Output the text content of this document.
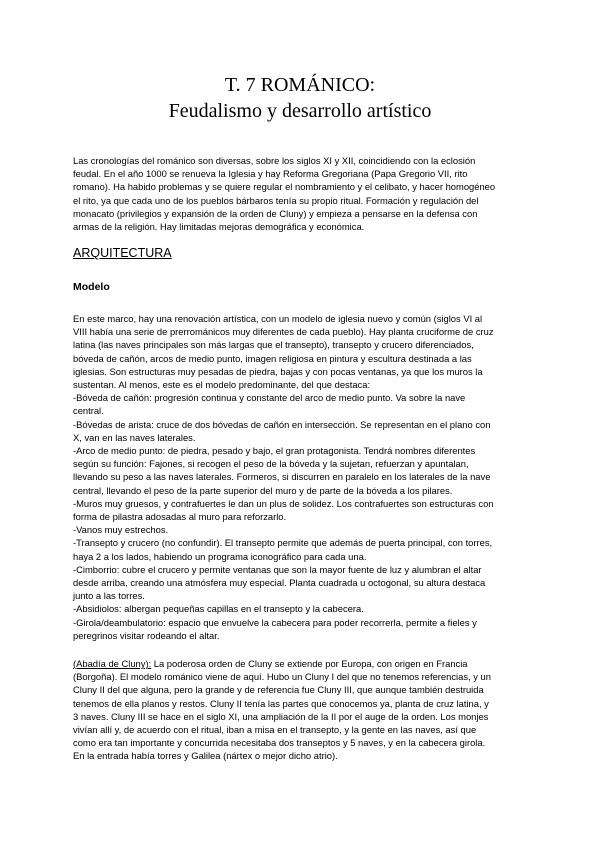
T. 7 ROMÁNICO:
Feudalismo y desarrollo artístico
Las cronologías del románico son diversas, sobre los siglos XI y XII, coincidiendo con la eclosión
feudal. En el año 1000 se renueva la Iglesia y hay Reforma Gregoriana (Papa Gregorio VII, rito
romano). Ha habido problemas y se quiere regular el nombramiento y el celibato, y hacer homogéneo
el rito, ya que cada uno de los pueblos bárbaros tenía su propio ritual. Formación y regulación del
monacato (privilegios y expansión de la orden de Cluny) y empieza a pensarse en la defensa con
armas de la religión. Hay limitadas mejoras demográfica y económica.
ARQUITECTURA
Modelo
En este marco, hay una renovación artística, con un modelo de iglesia nuevo y común (siglos VI al
VIII había una serie de prerrománicos muy diferentes de cada pueblo). Hay planta cruciforme de cruz
latina (las naves principales son más largas que el transepto), transepto y crucero diferenciados,
bóveda de cañón, arcos de medio punto, imagen religiosa en pintura y escultura destinada a las
iglesias. Son estructuras muy pesadas de piedra, bajas y con pocas ventanas, ya que los muros la
sustentan. Al menos, este es el modelo predominante, del que destaca:
-Bóveda de cañón: progresión continua y constante del arco de medio punto. Va sobre la nave
central.
-Bóvedas de arista: cruce de dos bóvedas de cañón en intersección. Se representan en el plano con
X, van en las naves laterales.
-Arco de medio punto: de piedra, pesado y bajo, el gran protagonista. Tendrá nombres diferentes
según su función: Fajones, si recogen el peso de la bóveda y la sujetan, refuerzan y apuntalan,
llevando su peso a las naves laterales. Formeros, si discurren en paralelo en los laterales de la nave
central, llevando el peso de la parte superior del muro y de parte de la bóveda a los pilares.
-Muros muy gruesos, y contrafuertes le dan un plus de solidez. Los contrafuertes son estructuras con
forma de pilastra adosadas al muro para reforzarlo.
-Vanos muy estrechos.
-Transepto y crucero (no confundir). El transepto permite que además de puerta principal, con torres,
haya 2 a los lados, habiendo un programa iconográfico para cada una.
-Cimborrio: cubre el crucero y permite ventanas que son la mayor fuente de luz y alumbran el altar
desde arriba, creando una atmósfera muy especial. Planta cuadrada u octogonal, su altura destaca
junto a las torres.
-Absidiolos: albergan pequeñas capillas en el transepto y la cabecera.
-Girola/deambulatorio: espacio que envuelve la cabecera para poder recorrerla, permite a fieles y
peregrinos visitar rodeando el altar.
(Abadía de Cluny): La poderosa orden de Cluny se extiende por Europa, con origen en Francia
(Borgoña). El modelo románico viene de aquí. Hubo un Cluny I del que no tenemos referencias, y un
Cluny II del que alguna, pero la grande y de referencia fue Cluny III, que aunque también destruida
tenemos de ella planos y restos. Cluny II tenía las partes que conocemos ya, planta de cruz latina, y
3 naves. Cluny III se hace en el siglo XI, una ampliación de la II por el auge de la orden. Los monjes
vivían allí y, de acuerdo con el ritual, iban a misa en el transepto, y la gente en las naves, así que
como era tan importante y concurrida necesitaba dos transeptos y 5 naves, y en la cabecera girola.
En la entrada había torres y Galilea (nártex o mejor dicho atrio).
